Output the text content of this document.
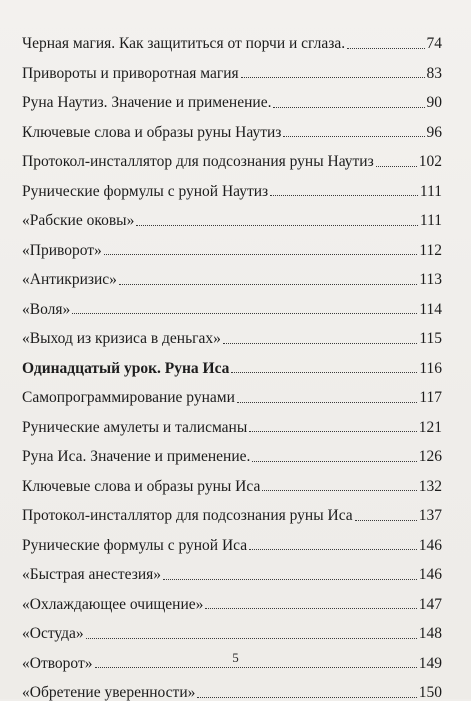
Черная магия. Как защититься от порчи и сглаза.	74
Привороты и приворотная магия	83
Руна Наутиз. Значение и применение.	90
Ключевые слова и образы руны Наутиз	96
Протокол-инсталлятор для подсознания руны Наутиз	102
Рунические формулы с руной Наутиз	111
«Рабские оковы»	111
«Приворот»	112
«Антикризис»	113
«Воля»	114
«Выход из кризиса в деньгах»	115
Одинадцатый урок. Руна Иса	116
Самопрограммирование рунами	117
Рунические амулеты и талисманы	121
Руна Иса. Значение и применение.	126
Ключевые слова и образы руны Иса	132
Протокол-инсталлятор для подсознания руны Иса	137
Рунические формулы с руной Иса	146
«Быстрая анестезия»	146
«Охлаждающее очищение»	147
«Остуда»	148
«Отворот»	149
«Обретение уверенности»	150
5
